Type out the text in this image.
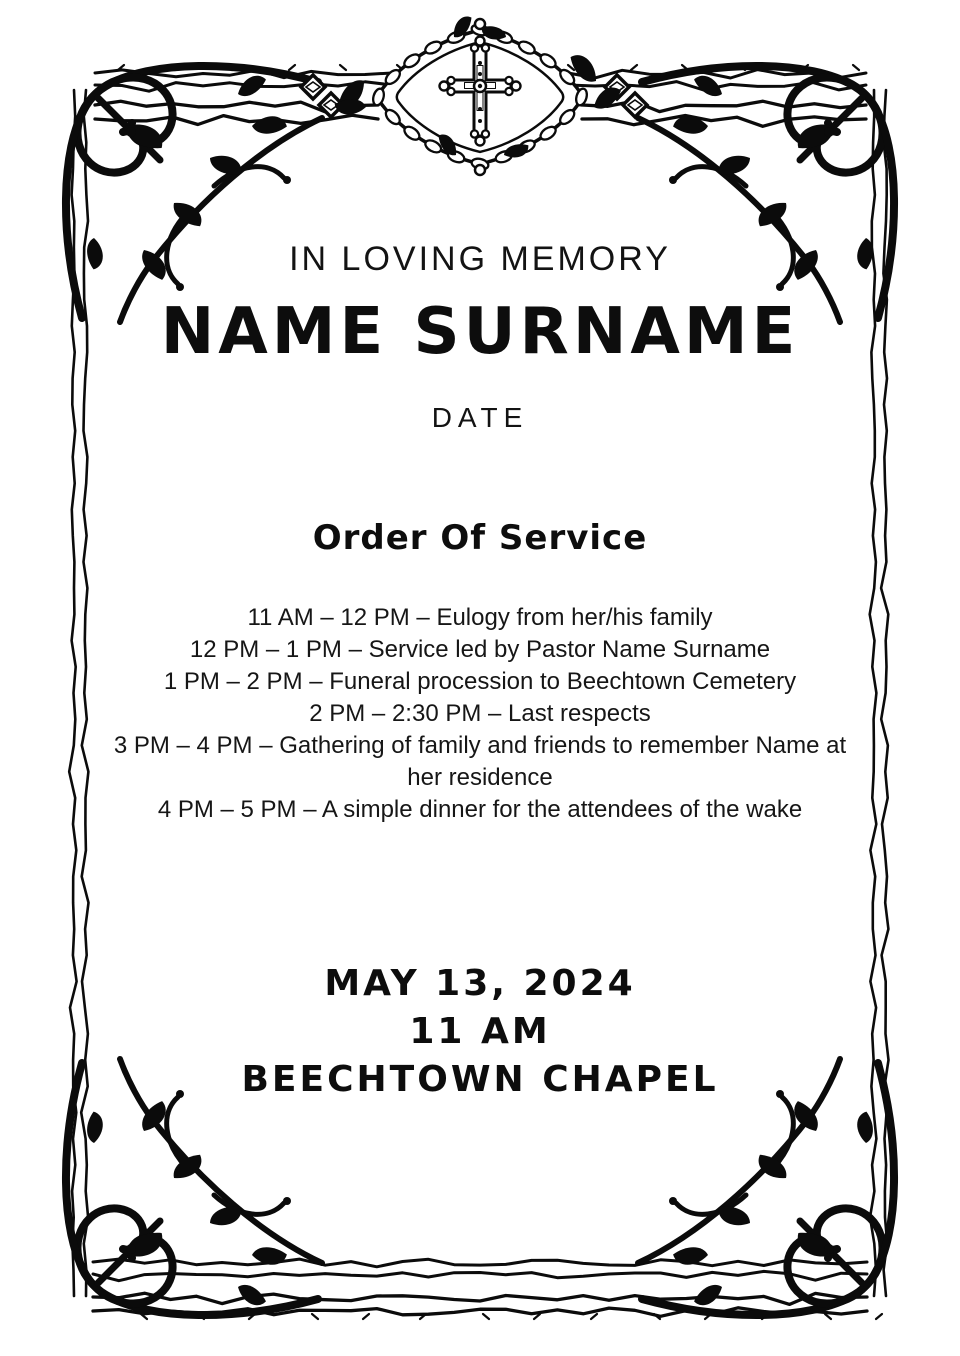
IN LOVING MEMORY
NAME SURNAME
DATE
Order Of Service
11 AM – 12 PM – Eulogy from her/his family
12 PM – 1 PM – Service led by Pastor Name Surname
1 PM – 2 PM – Funeral procession to Beechtown Cemetery
2 PM – 2:30 PM – Last respects
3 PM – 4 PM – Gathering of family and friends to remember Name at her residence
4 PM – 5 PM – A simple dinner for the attendees of the wake
MAY 13, 2024
11 AM
BEECHTOWN CHAPEL
